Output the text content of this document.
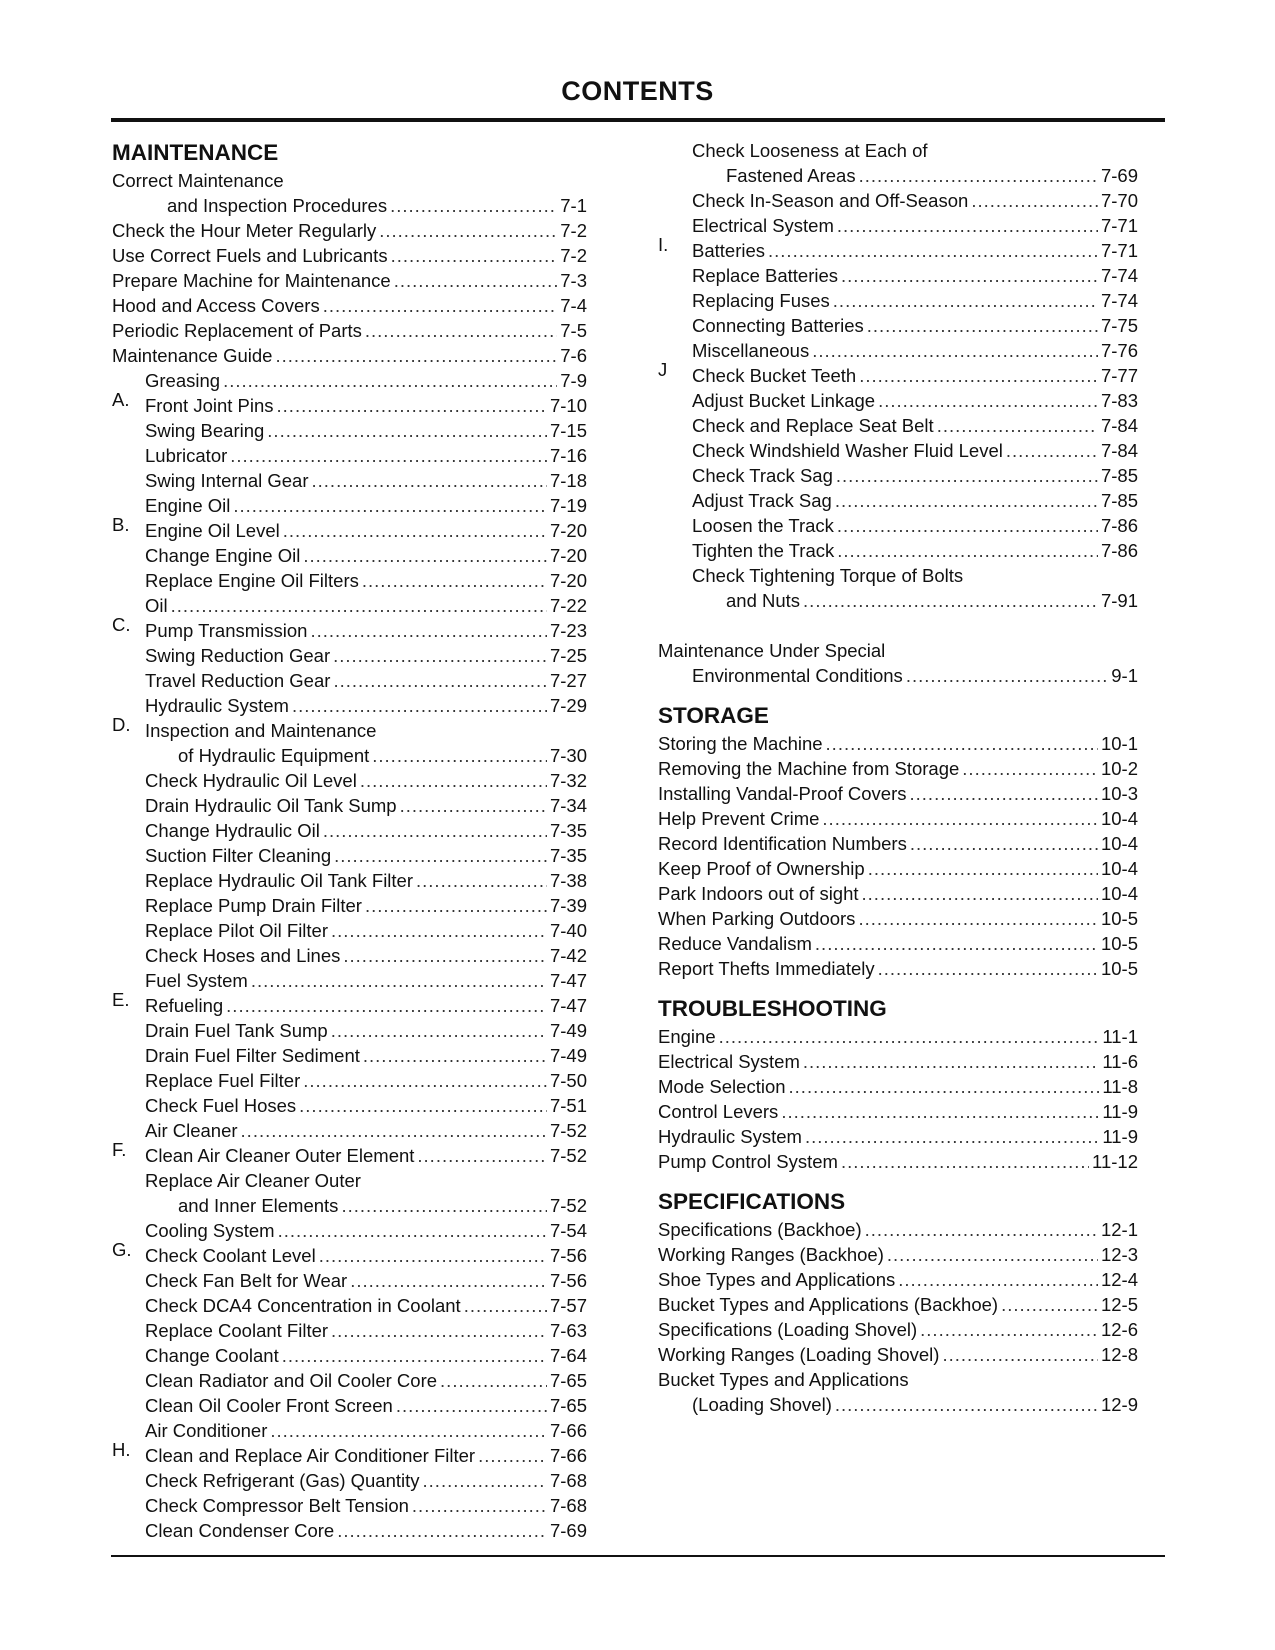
CONTENTS
MAINTENANCE
Correct Maintenance
and Inspection Procedures .....	7-1
Check the Hour Meter Regularly .....	7-2
Use Correct Fuels and Lubricants .....	7-2
Prepare Machine for Maintenance .....	7-3
Hood and Access Covers .....	7-4
Periodic Replacement of Parts .....	7-5
Maintenance Guide .....	7-6
A.
Greasing .....	7-9
Front Joint Pins .....	7-10
Swing Bearing .....	7-15
Lubricator .....	7-16
Swing Internal Gear .....	7-18
B.
Engine Oil .....	7-19
Engine Oil Level .....	7-20
Change Engine Oil .....	7-20
Replace Engine Oil Filters .....	7-20
C.
Oil .....	7-22
Pump Transmission .....	7-23
Swing Reduction Gear .....	7-25
Travel Reduction Gear .....	7-27
D.
Hydraulic System .....	7-29
Inspection and Maintenance
of Hydraulic Equipment .....	7-30
Check Hydraulic Oil Level .....	7-32
Drain Hydraulic Oil Tank Sump .....	7-34
Change Hydraulic Oil .....	7-35
Suction Filter Cleaning .....	7-35
Replace Hydraulic Oil Tank Filter .....	7-38
Replace Pump Drain Filter .....	7-39
Replace Pilot Oil Filter .....	7-40
Check Hoses and Lines .....	7-42
E.
Fuel System .....	7-47
Refueling .....	7-47
Drain Fuel Tank Sump .....	7-49
Drain Fuel Filter Sediment .....	7-49
Replace Fuel Filter .....	7-50
Check Fuel Hoses .....	7-51
F.
Air Cleaner .....	7-52
Clean Air Cleaner Outer Element .....	7-52
Replace Air Cleaner Outer
and Inner Elements .....	7-52
G.
Cooling System .....	7-54
Check Coolant Level .....	7-56
Check Fan Belt for Wear .....	7-56
Check DCA4 Concentration in Coolant .....	7-57
Replace Coolant Filter .....	7-63
Change Coolant .....	7-64
Clean Radiator and Oil Cooler Core .....	7-65
Clean Oil Cooler Front Screen .....	7-65
H.
Air Conditioner .....	7-66
Clean and Replace Air Conditioner Filter .....	7-66
Check Refrigerant (Gas) Quantity .....	7-68
Check Compressor Belt Tension .....	7-68
Clean Condenser Core .....	7-69
Check Looseness at Each of
Fastened Areas .....	7-69
Check In-Season and Off-Season .....	7-70
I.
Electrical System .....	7-71
Batteries .....	7-71
Replace Batteries .....	7-74
Replacing Fuses .....	7-74
Connecting Batteries .....	7-75
J
Miscellaneous .....	7-76
Check Bucket Teeth .....	7-77
Adjust Bucket Linkage .....	7-83
Check and Replace Seat Belt .....	7-84
Check Windshield Washer Fluid Level .....	7-84
Check Track Sag .....	7-85
Adjust Track Sag .....	7-85
Loosen the Track .....	7-86
Tighten the Track .....	7-86
Check Tightening Torque of Bolts
and Nuts .....	7-91
Maintenance Under Special
Environmental Conditions .....	9-1
STORAGE
Storing the Machine .....	10-1
Removing the Machine from Storage .....	10-2
Installing Vandal-Proof Covers .....	10-3
Help Prevent Crime .....	10-4
Record Identification Numbers .....	10-4
Keep Proof of Ownership .....	10-4
Park Indoors out of sight .....	10-4
When Parking Outdoors .....	10-5
Reduce Vandalism .....	10-5
Report Thefts Immediately .....	10-5
TROUBLESHOOTING
Engine .....	11-1
Electrical System .....	11-6
Mode Selection .....	11-8
Control Levers .....	11-9
Hydraulic System .....	11-9
Pump Control System .....	11-12
SPECIFICATIONS
Specifications (Backhoe) .....	12-1
Working Ranges (Backhoe) .....	12-3
Shoe Types and Applications .....	12-4
Bucket Types and Applications (Backhoe) .....	12-5
Specifications (Loading Shovel) .....	12-6
Working Ranges (Loading Shovel) .....	12-8
Bucket Types and Applications
(Loading Shovel) .....	12-9
